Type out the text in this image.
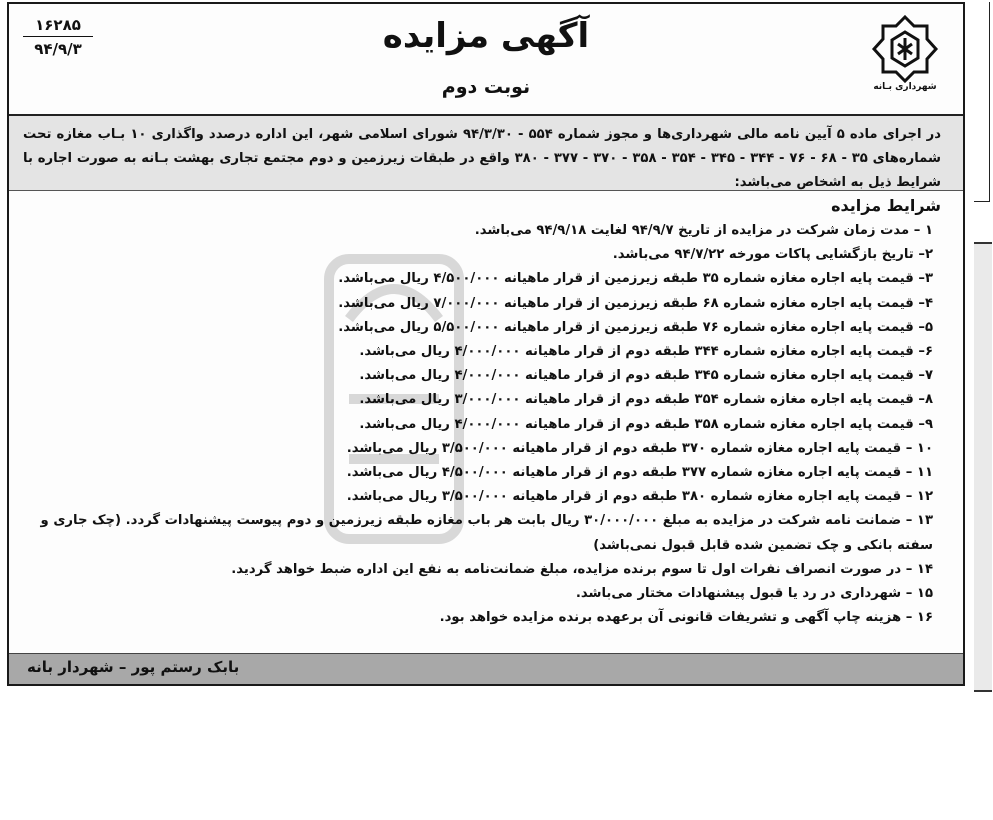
شهرداری بـانه
آگهی مزایده
نوبت دوم
۱۶۲۸۵
۹۴/۹/۳
در اجرای ماده ۵ آیین نامه مالی شهرداری‌ها و مجوز شماره ۵۵۴ - ۹۴/۳/۳۰ شورای اسلامی شهر، این اداره درصدد واگذاری ۱۰ بـاب مغازه تحت شماره‌های ۳۵ - ۶۸ - ۷۶ - ۳۴۴ - ۳۴۵ - ۳۵۴ - ۳۵۸ - ۳۷۰ - ۳۷۷ - ۳۸۰ واقع در طبقات زیرزمین و دوم مجتمع تجاری بهشت بـانه به صورت اجاره با شرایط ذیل به اشخاص می‌باشد:
شرایط مزایده
۱ – مدت زمان شرکت در مزایده از تاریخ ۹۴/۹/۷ لغایت ۹۴/۹/۱۸ می‌باشد.
۲– تاریخ بازگشایی پاکات مورخه ۹۴/۷/۲۲ می‌باشد.
۳– قیمت پایه اجاره مغازه شماره ۳۵ طبقه زیرزمین از قرار ماهیانه ۴/۵۰۰/۰۰۰ ریال می‌باشد.
۴– قیمت پایه اجاره مغازه شماره ۶۸ طبقه زیرزمین از قرار ماهیانه ۷/۰۰۰/۰۰۰ ریال می‌باشد.
۵– قیمت پایه اجاره مغازه شماره ۷۶ طبقه زیرزمین از قرار ماهیانه ۵/۵۰۰/۰۰۰ ریال می‌باشد.
۶– قیمت پایه اجاره مغازه شماره ۳۴۴ طبقه دوم از قرار ماهیانه ۴/۰۰۰/۰۰۰ ریال می‌باشد.
۷– قیمت پایه اجاره مغازه شماره ۳۴۵ طبقه دوم از قرار ماهیانه ۴/۰۰۰/۰۰۰ ریال می‌باشد.
۸– قیمت پایه اجاره مغازه شماره ۳۵۴ طبقه دوم از قرار ماهیانه ۳/۰۰۰/۰۰۰ ریال می‌باشد.
۹– قیمت پایه اجاره مغازه شماره ۳۵۸ طبقه دوم از قرار ماهیانه ۴/۰۰۰/۰۰۰ ریال می‌باشد.
۱۰ – قیمت پایه اجاره مغازه شماره ۳۷۰ طبقه دوم از قرار ماهیانه ۳/۵۰۰/۰۰۰ ریال می‌باشد.
۱۱ – قیمت پایه اجاره مغازه شماره ۳۷۷ طبقه دوم از قرار ماهیانه ۴/۵۰۰/۰۰۰ ریال می‌باشد.
۱۲ – قیمت پایه اجاره مغازه شماره ۳۸۰ طبقه دوم از قرار ماهیانه ۳/۵۰۰/۰۰۰ ریال می‌باشد.
۱۳ – ضمانت نامه شرکت در مزایده به مبلغ ۳۰/۰۰۰/۰۰۰ ریال بابت هر باب مغازه طبقه زیرزمین و دوم پیوست پیشنهادات گردد. (چک جاری و سفته بانکی و چک تضمین شده قابل قبول نمی‌باشد)
۱۴ – در صورت انصراف نفرات اول تا سوم برنده مزایده، مبلغ ضمانت‌نامه به نفع این اداره ضبط خواهد گردید.
۱۵ – شهرداری در رد یا قبول پیشنهادات مختار می‌باشد.
۱۶ – هزینه چاپ آگهی و تشریفات قانونی آن برعهده برنده مزایده خواهد بود.
بابک رستم پور – شهردار بانه
